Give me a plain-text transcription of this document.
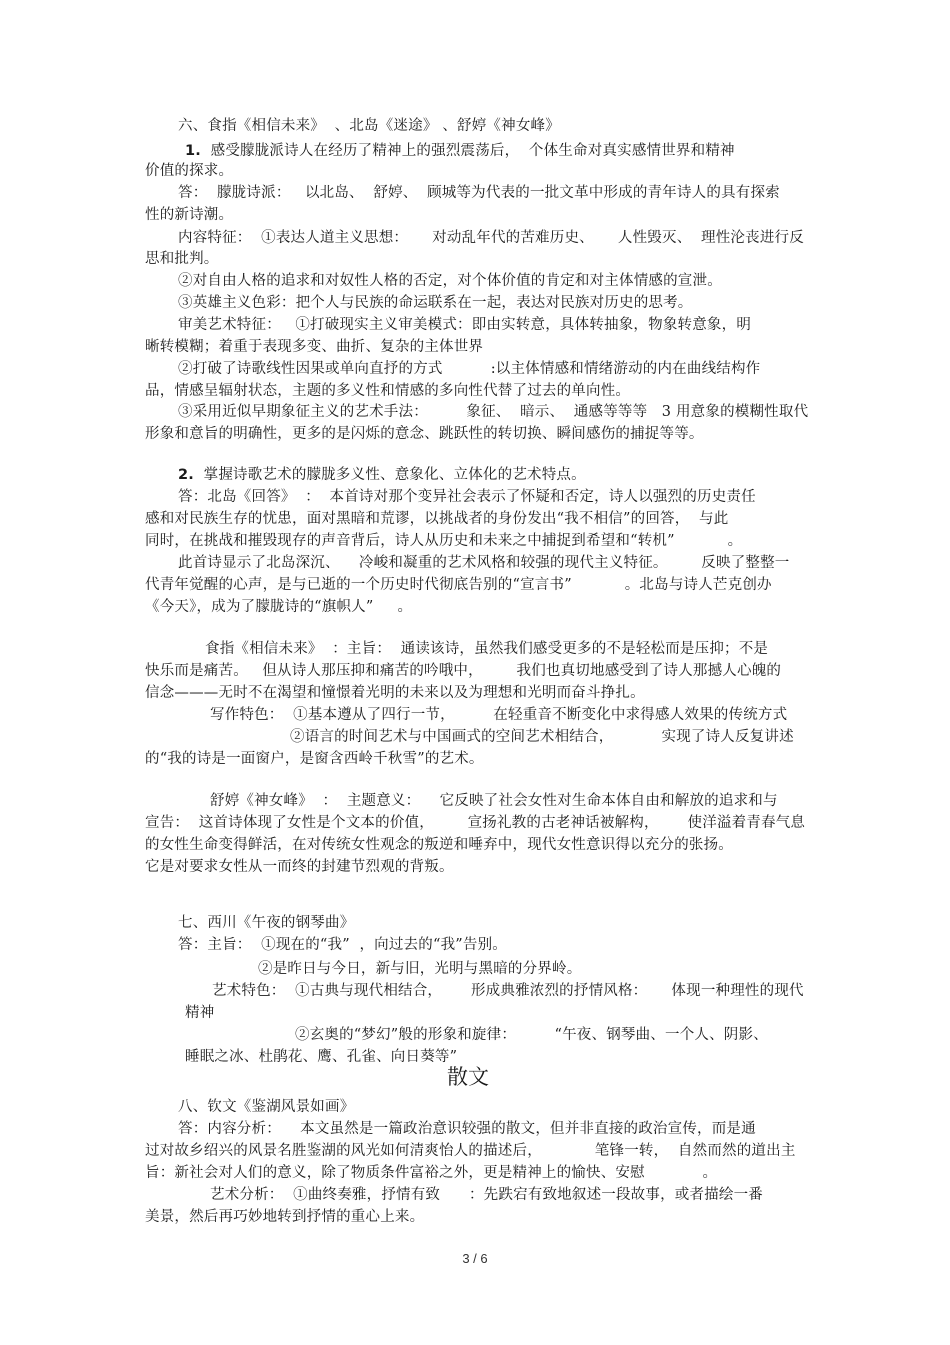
散文
3 / 6
六、食指《相信未来》  、北岛《迷途》 、舒婷《神女峰》
1.  感受朦胧派诗人在经历了精神上的强烈震荡后，  个体生命对真实感情世界和精神
价值的探求。
答：  朦胧诗派：   以北岛、  舒婷、  顾城等为代表的一批文革中形成的青年诗人的具有探索
性的新诗潮。
内容特征：  ①表达人道主义思想：     对动乱年代的苦难历史、     人性毁灭、  理性沦丧进行反
思和批判。
②对自由人格的追求和对奴性人格的否定，对个体价值的肯定和对主体情感的宣泄。
③英雄主义色彩：把个人与民族的命运联系在一起，表达对民族对历史的思考。
审美艺术特征：   ①打破现实主义审美模式：即由实转意，具体转抽象，物象转意象，明
晰转模糊；着重于表现多变、曲折、复杂的主体世界
②打破了诗歌线性因果或单向直抒的方式          :以主体情感和情绪游动的内在曲线结构作
品，情感呈辐射状态，主题的多义性和情感的多向性代替了过去的单向性。
③采用近似早期象征主义的艺术手法：        象征、  暗示、  通感等等等   3 用意象的模糊性取代
形象和意旨的明确性，更多的是闪烁的意念、跳跃性的转切换、瞬间感伤的捕捉等等。
2.  掌握诗歌艺术的朦胧多义性、意象化、立体化的艺术特点。
答：北岛《回答》  ：  本首诗对那个变异社会表示了怀疑和否定，诗人以强烈的历史责任
感和对民族生存的忧患，面对黑暗和荒谬，以挑战者的身份发出“我不相信”的回答，  与此
同时，在挑战和摧毁现存的声音背后，诗人从历史和未来之中捕捉到希望和“转机”           。
此首诗显示了北岛深沉、    冷峻和凝重的艺术风格和较强的现代主义特征。       反映了整整一
代青年觉醒的心声，是与已逝的一个历史时代彻底告别的“宣言书”           。北岛与诗人芒克创办
《今天》，成为了朦胧诗的“旗帜人”     。
食指《相信未来》  ：主旨：  通读该诗，虽然我们感受更多的不是轻松而是压抑；不是
快乐而是痛苦。   但从诗人那压抑和痛苦的吟哦中，       我们也真切地感受到了诗人那撼人心魄的
信念———无时不在渴望和憧憬着光明的未来以及为理想和光明而奋斗挣扎。
写作特色：  ①基本遵从了四行一节，        在轻重音不断变化中求得感人效果的传统方式
②语言的时间艺术与中国画式的空间艺术相结合，          实现了诗人反复讲述
的“我的诗是一面窗户，是窗含西岭千秋雪”的艺术。
舒婷《神女峰》  ：  主题意义：    它反映了社会女性对生命本体自由和解放的追求和与
宣告：  这首诗体现了女性是个文本的价值，       宣扬礼教的古老神话被解构，      使洋溢着青春气息
的女性生命变得鲜活，在对传统女性观念的叛逆和唾弃中，现代女性意识得以充分的张扬。
它是对要求女性从一而终的封建节烈观的背叛。
七、西川《午夜的钢琴曲》
答：主旨：  ①现在的“我”  ，向过去的“我”告别。
②是昨日与今日，新与旧，光明与黑暗的分界岭。
艺术特色：  ①古典与现代相结合，      形成典雅浓烈的抒情风格：     体现一种理性的现代
精神
②玄奥的“梦幻”般的形象和旋律：        “午夜、钢琴曲、一个人、阴影、
睡眠之冰、杜鹃花、鹰、孔雀、向日葵等”
八、钦文《鉴湖风景如画》
答：内容分析：    本文虽然是一篇政治意识较强的散文，但并非直接的政治宣传，而是通
过对故乡绍兴的风景名胜鉴湖的风光如何清爽怡人的描述后，           笔锋一转，  自然而然的道出主
旨：新社会对人们的意义，除了物质条件富裕之外，更是精神上的愉快、安慰            。
艺术分析：  ①曲终奏雅，抒情有致      ：先跌宕有致地叙述一段故事，或者描绘一番
美景，然后再巧妙地转到抒情的重心上来。
